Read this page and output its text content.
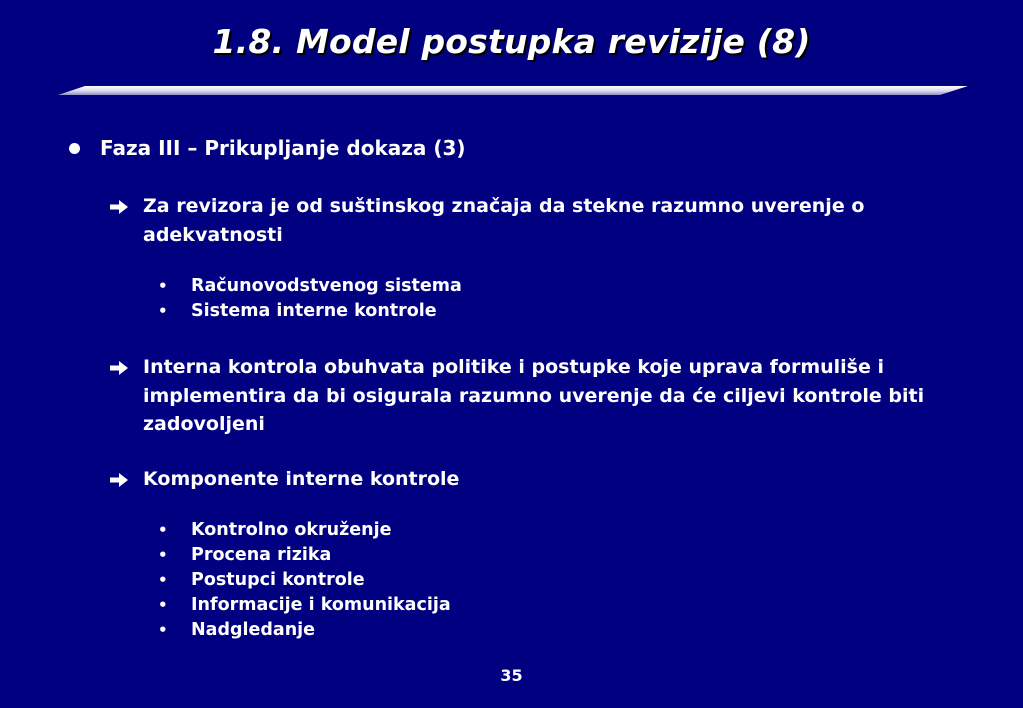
1.8. Model postupka revizije (8)
Faza III – Prikupljanje dokaza (3)
Za revizora je od suštinskog značaja da stekne razumno uverenje o adekvatnosti
•	Računovodstvenog sistema
•	Sistema interne kontrole
Interna kontrola obuhvata politike i postupke koje uprava formuliše i implementira da bi osigurala razumno uverenje da će ciljevi kontrole biti zadovoljeni
Komponente interne kontrole
•	Kontrolno okruženje
•	Procena rizika
•	Postupci kontrole
•	Informacije i komunikacija
•	Nadgledanje
35
